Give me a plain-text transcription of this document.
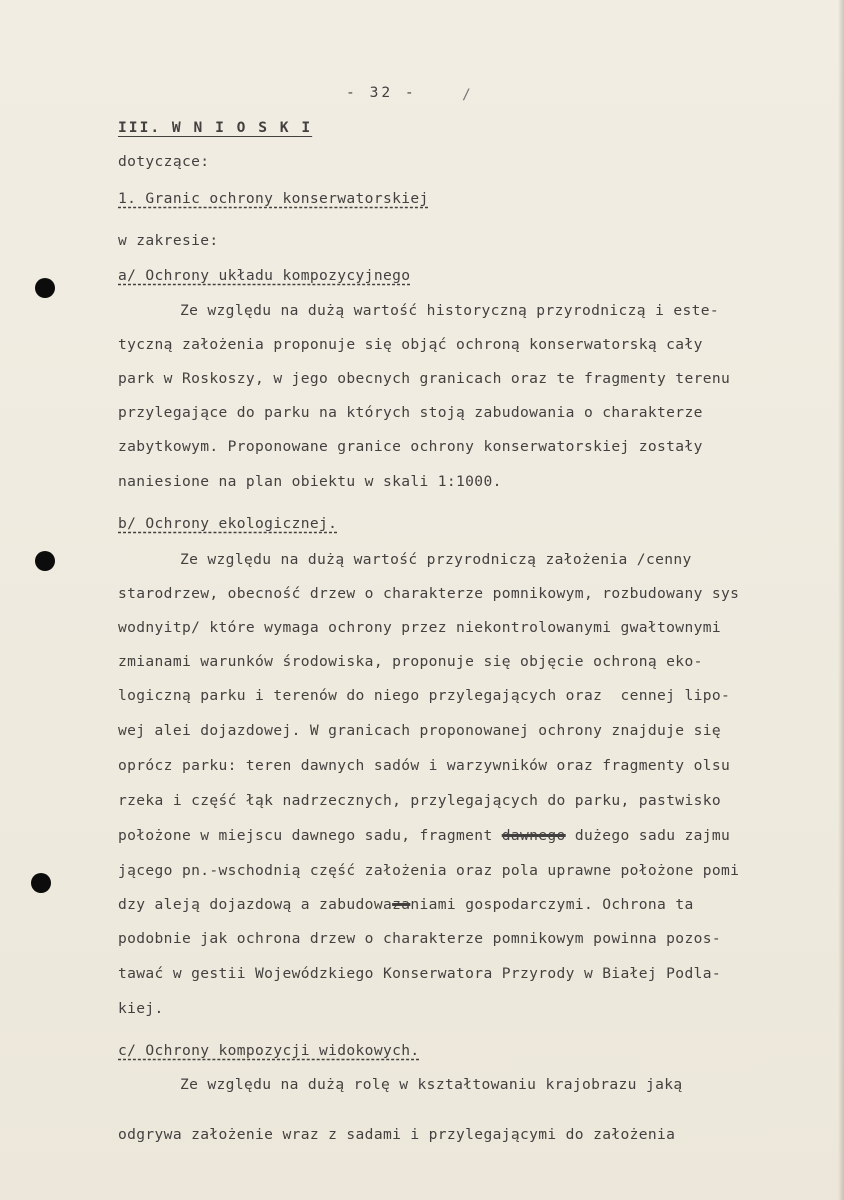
- 32 -	/
III. W N I O S K I
dotyczące:
1. Granic ochrony konserwatorskiej
w zakresie:
a/ Ochrony układu kompozycyjnego
Ze względu na dużą wartość historyczną przyrodniczą i este-
tyczną założenia proponuje się objąć ochroną konserwatorską cały
park w Roskoszy, w jego obecnych granicach oraz te fragmenty terenu
przylegające do parku na których stoją zabudowania o charakterze
zabytkowym. Proponowane granice ochrony konserwatorskiej zostały
naniesione na plan obiektu w skali 1:1000.
b/ Ochrony ekologicznej.
Ze względu na dużą wartość przyrodniczą założenia /cenny
starodrzew, obecność drzew o charakterze pomnikowym, rozbudowany sys
wodnyitp/ które wymaga ochrony przez niekontrolowanymi gwałtownymi
zmianami warunków środowiska, proponuje się objęcie ochroną eko-
logiczną parku i terenów do niego przylegających oraz  cennej lipo-
wej alei dojazdowej. W granicach proponowanej ochrony znajduje się
oprócz parku: teren dawnych sadów i warzywników oraz fragmenty olsu
rzeka i część łąk nadrzecznych, przylegających do parku, pastwisko
położone w miejscu dawnego sadu, fragment dawnego dużego sadu zajmu
jącego pn.-wschodnią część założenia oraz pola uprawne położone pomi
dzy aleją dojazdową a zabudowazaniami gospodarczymi. Ochrona ta
podobnie jak ochrona drzew o charakterze pomnikowym powinna pozos-
tawać w gestii Wojewódzkiego Konserwatora Przyrody w Białej Podla-
kiej.
c/ Ochrony kompozycji widokowych.
Ze względu na dużą rolę w kształtowaniu krajobrazu jaką
odgrywa założenie wraz z sadami i przylegającymi do założenia
